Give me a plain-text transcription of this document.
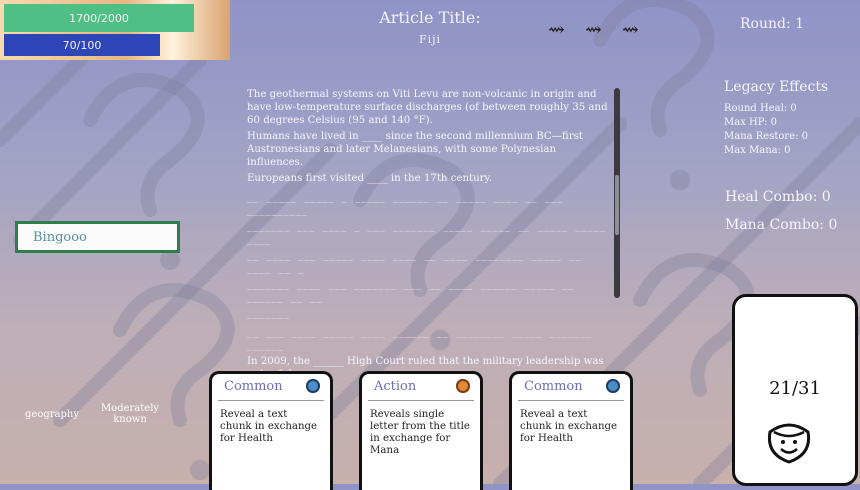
1700/2000
70/100
Article Title:
Fiji	⇝ ⇝ ⇝	Round: 1

The geothermal systems on Viti Levu are non-volcanic in origin and have low-temperature surface discharges (of between roughly 35 and 60 degrees Celsius (95 and 140 °F).

Humans have lived in ____ since the second millennium BC—first Austronesians and later Melanesians, with some Polynesian influences.

Europeans first visited ____ in the 17th century.

__ _____ _____ _ _____ ______ __ _____ ____ __ ___ __________

_______ ___ ____ _ ___ _______ _____ _____ __ _____ _____ ____

__ ____ ___ _____ ____ ____ __ ____ ________ _____ __ ____ __ _

_______ ____ ___ _______ ___ __ ____ ______ _____ __ ______ __ __

_______

__ ___ ____ _____ ____ ______ __ ________ _____ _______ ______

In 2009, the ______ High Court ruled that the military leadership was

Legacy Effects
Round Heal: 0
Max HP: 0
Mana Restore: 0
Max Mana: 0
Heal Combo: 0
Mana Combo: 0
Bingooo
geography
Moderately known
Common
Reveal a text chunk in exchange for Health
Action
Reveals single letter from the title in exchange for Mana
Common
Reveal a text chunk in exchange for Health
21/31
